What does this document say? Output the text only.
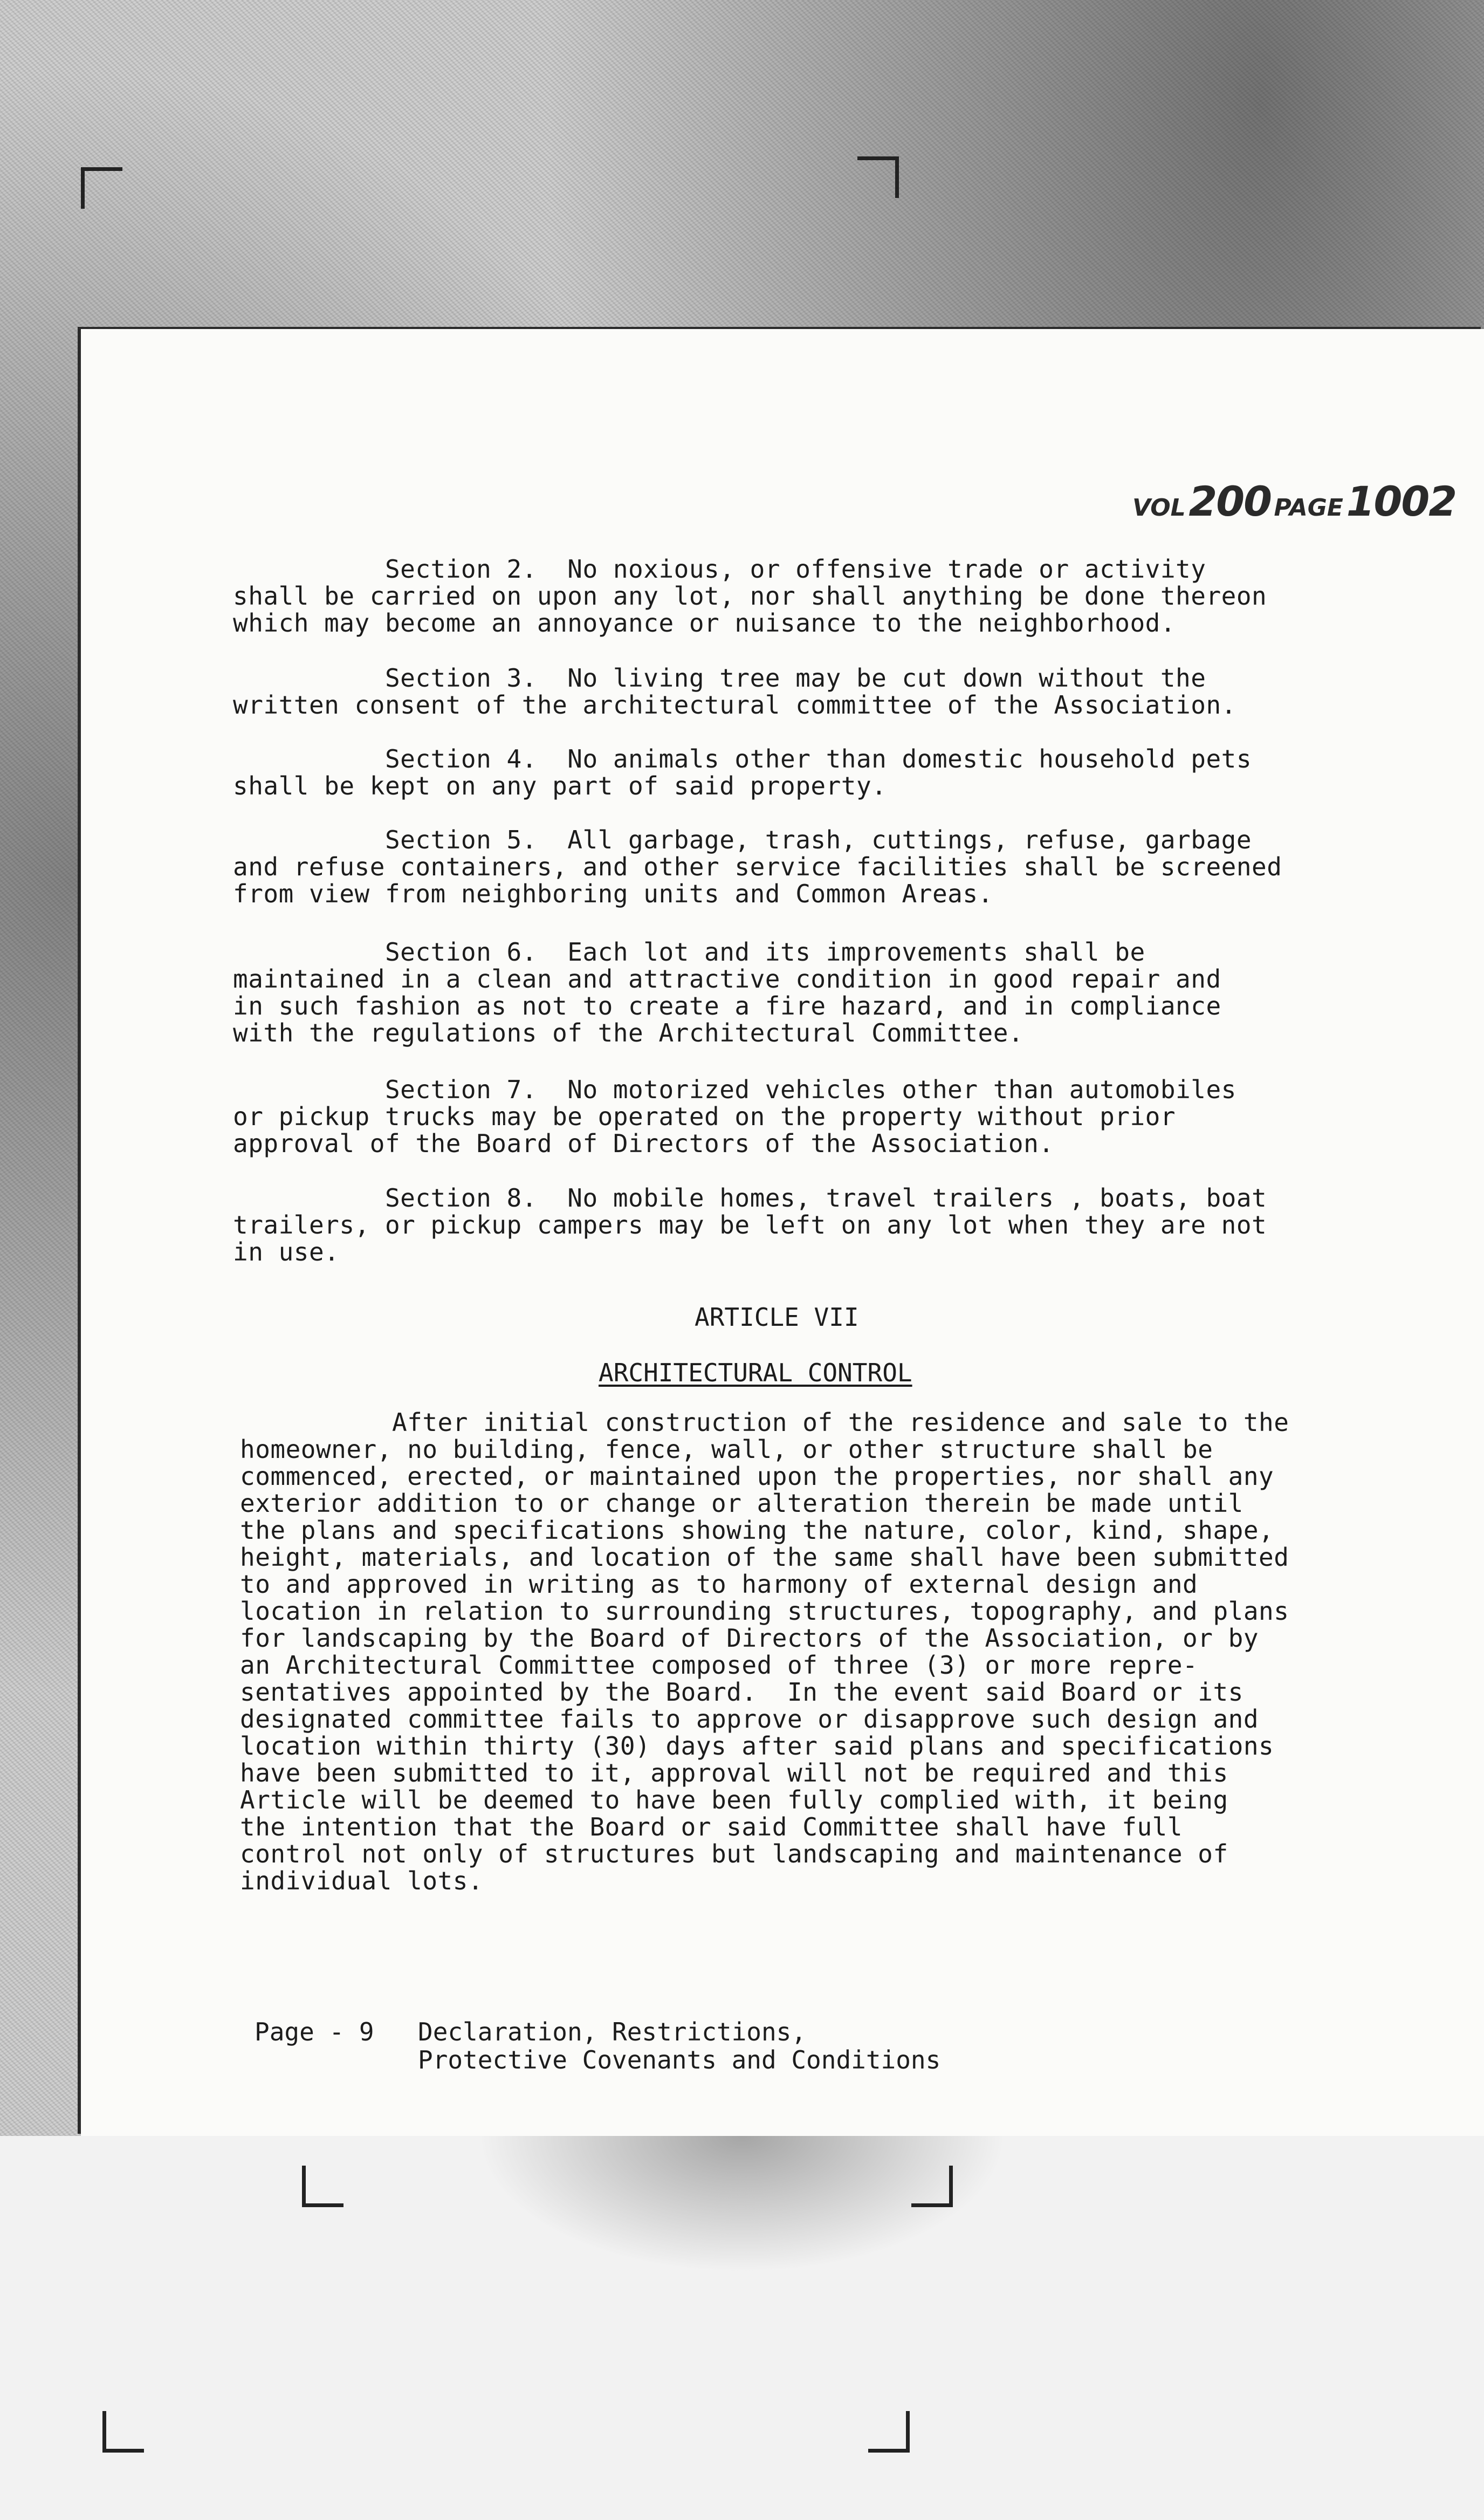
VOL 200 PAGE 1002
Section 2.  No noxious, or offensive trade or activity
shall be carried on upon any lot, nor shall anything be done thereon
which may become an annoyance or nuisance to the neighborhood.
Section 3.  No living tree may be cut down without the
written consent of the architectural committee of the Association.
Section 4.  No animals other than domestic household pets
shall be kept on any part of said property.
Section 5.  All garbage, trash, cuttings, refuse, garbage
and refuse containers, and other service facilities shall be screened
from view from neighboring units and Common Areas.
Section 6.  Each lot and its improvements shall be
maintained in a clean and attractive condition in good repair and
in such fashion as not to create a fire hazard, and in compliance
with the regulations of the Architectural Committee.
Section 7.  No motorized vehicles other than automobiles
or pickup trucks may be operated on the property without prior
approval of the Board of Directors of the Association.
Section 8.  No mobile homes, travel trailers , boats, boat
trailers, or pickup campers may be left on any lot when they are not
in use.
ARTICLE VII
ARCHITECTURAL CONTROL
After initial construction of the residence and sale to the
homeowner, no building, fence, wall, or other structure shall be
commenced, erected, or maintained upon the properties, nor shall any
exterior addition to or change or alteration therein be made until
the plans and specifications showing the nature, color, kind, shape,
height, materials, and location of the same shall have been submitted
to and approved in writing as to harmony of external design and
location in relation to surrounding structures, topography, and plans
for landscaping by the Board of Directors of the Association, or by
an Architectural Committee composed of three (3) or more repre-
sentatives appointed by the Board.  In the event said Board or its
designated committee fails to approve or disapprove such design and
location within thirty (30) days after said plans and specifications
have been submitted to it, approval will not be required and this
Article will be deemed to have been fully complied with, it being
the intention that the Board or said Committee shall have full
control not only of structures but landscaping and maintenance of
individual lots.
Page - 9 Declaration, Restrictions,
Protective Covenants and Conditions
